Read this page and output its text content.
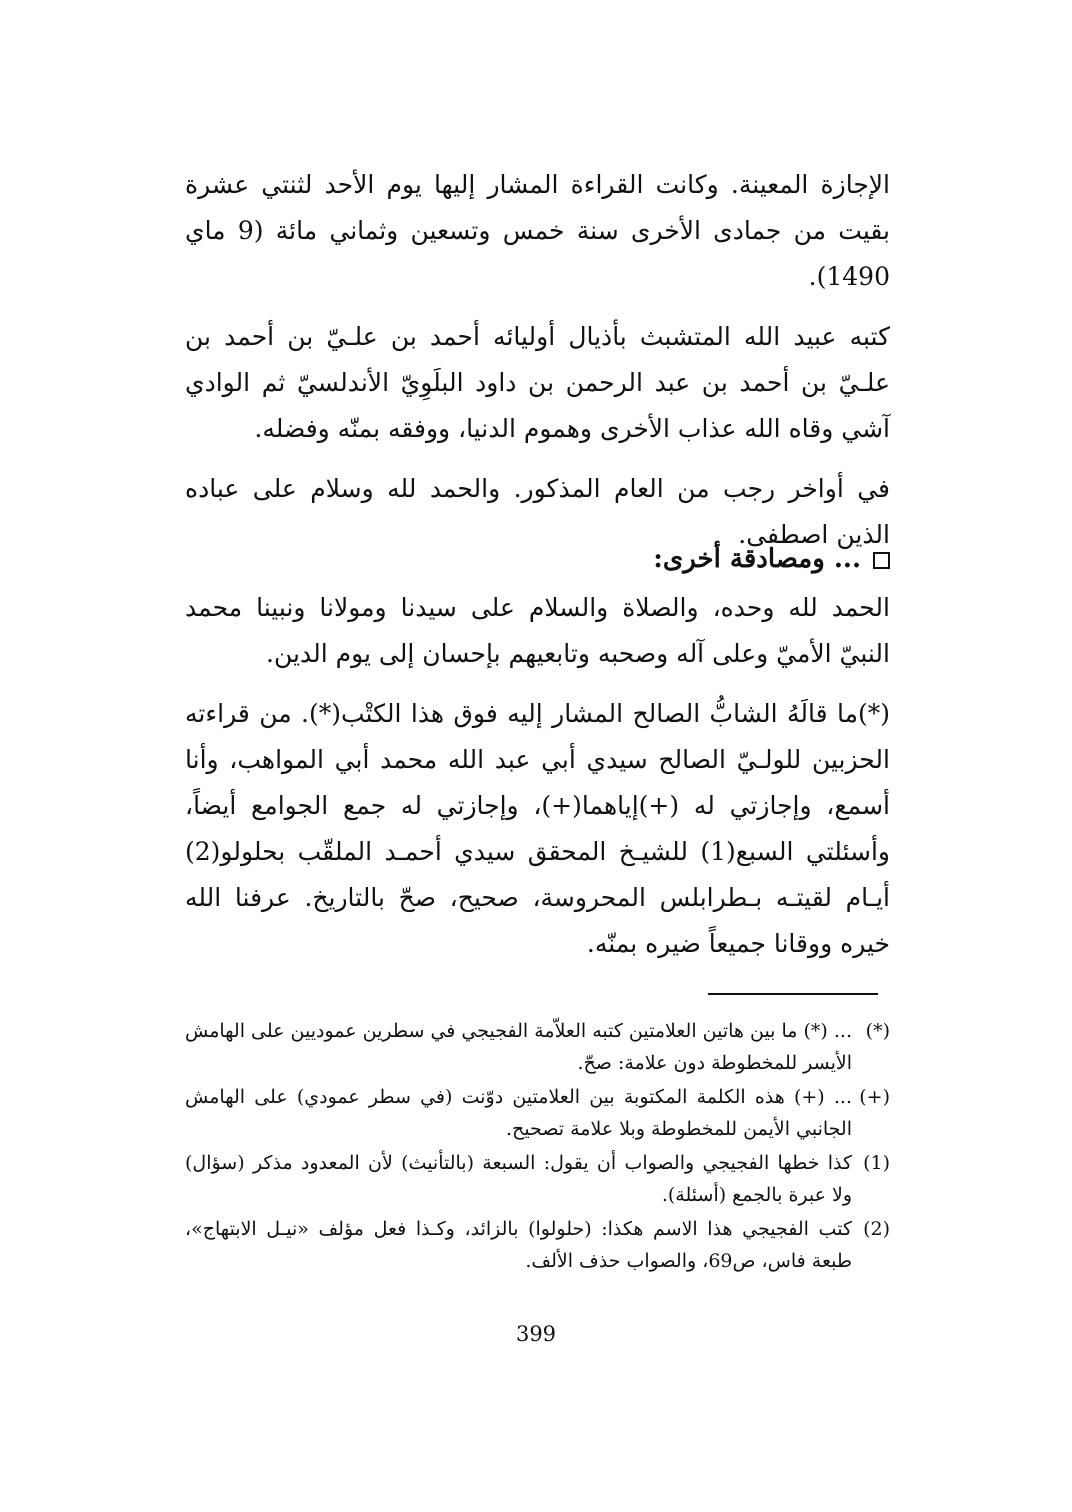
الإجازة المعينة. وكانت القراءة المشار إليها يوم الأحد لثنتي عشرة بقيت من جمادى الأخرى سنة خمس وتسعين وثماني مائة (9 ماي 1490).

كتبه عبيد الله المتشبث بأذيال أوليائه أحمد بن علـيّ بن أحمد بن علـيّ بن أحمد بن عبد الرحمن بن داود البلَوِيّ الأندلسيّ ثم الوادي آشي وقاه الله عذاب الأخرى وهموم الدنيا، ووفقه بمنّه وفضله.

في أواخر رجب من العام المذكور. والحمد لله وسلام على عباده الذين اصطفى.

... ومصادقة أخرى:

الحمد لله وحده، والصلاة والسلام على سيدنا ومولانا ونبينا محمد النبيّ الأميّ وعلى آله وصحبه وتابعيهم بإحسان إلى يوم الدين.

(*)ما قالَهُ الشابُّ الصالح المشار إليه فوق هذا الكتْب(*). من قراءته الحزبين للولـيّ الصالح سيدي أبي عبد الله محمد أبي المواهب، وأنا أسمع، وإجازتي له (+)إياهما(+)، وإجازتي له جمع الجوامع أيضاً، وأسئلتي السبع(1) للشيـخ المحقق سيدي أحمـد الملقّب بحلولو(2) أيـام لقيتـه بـطرابلس المحروسة، صحيح، صحّ بالتاريخ. عرفنا الله خيره ووقانا جميعاً ضيره بمنّه.

(*)
... (*) ما بين هاتين العلامتين كتبه العلاّمة الفجيجي في سطرين عموديين على الهامش الأيسر للمخطوطة دون علامة: صحّ.
(+)
... (+) هذه الكلمة المكتوبة بين العلامتين دوّنت (في سطر عمودي) على الهامش الجانبي الأيمن للمخطوطة وبلا علامة تصحيح.
(1)
كذا خطها الفجيجي والصواب أن يقول: السبعة (بالتأنيث) لأن المعدود مذكر (سؤال) ولا عبرة بالجمع (أسئلة).
(2)
كتب الفجيجي هذا الاسم هكذا: (حلولوا) بالزائد، وكـذا فعل مؤلف «نيـل الابتهاج»، طبعة فاس، ص69، والصواب حذف الألف.
399
